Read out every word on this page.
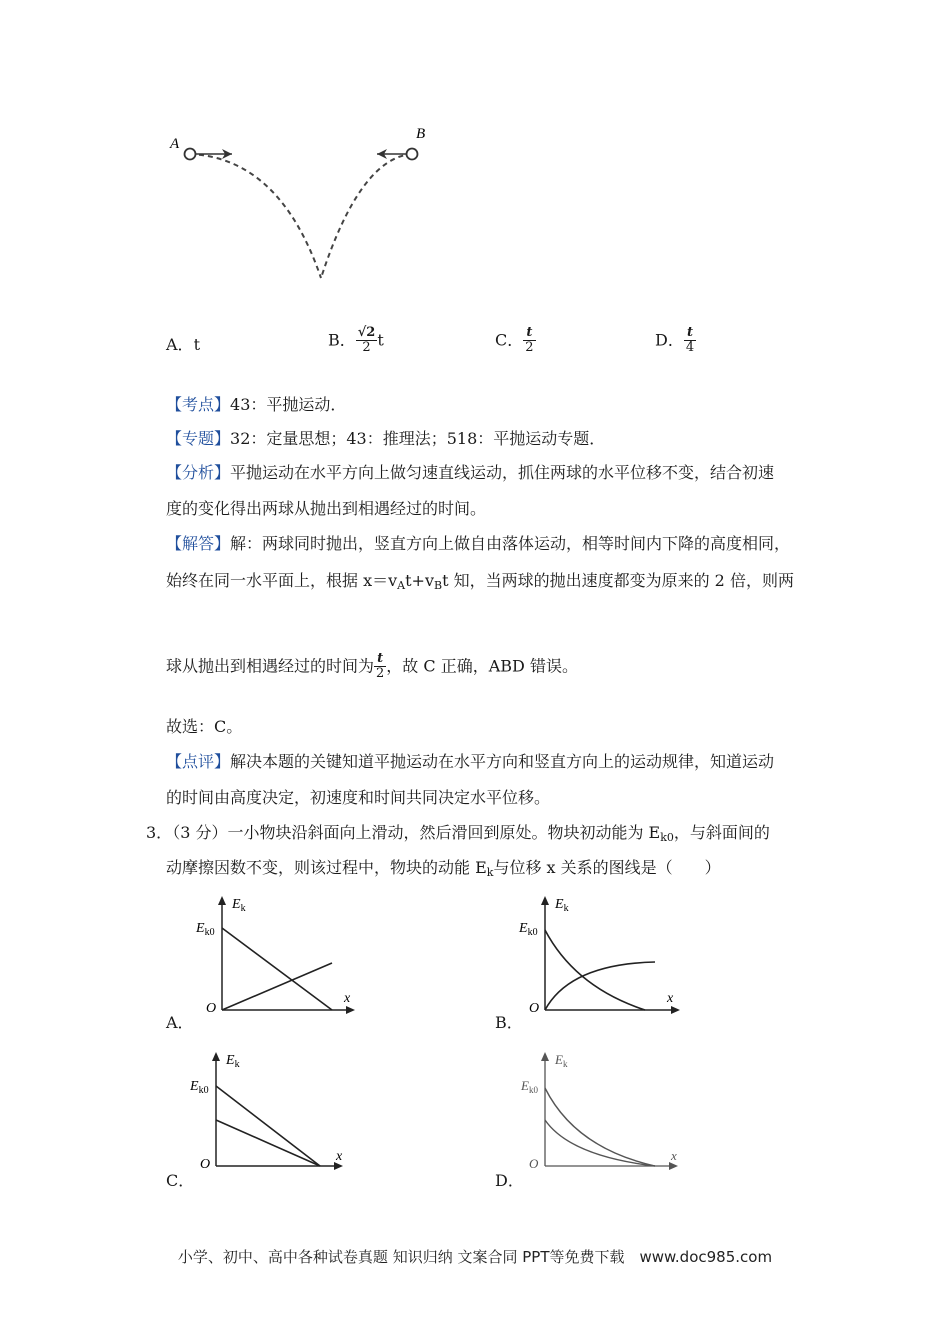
A
B
A．t	B． $\frac{√2}{2}$ t	C． $\frac{t}{2}$	D． $\frac{t}{4}$
【考点】43：平抛运动．
【专题】32：定量思想；43：推理法；518：平抛运动专题．
【分析】平抛运动在水平方向上做匀速直线运动，抓住两球的水平位移不变，结合初速
度的变化得出两球从抛出到相遇经过的时间。
【解答】解：两球同时抛出，竖直方向上做自由落体运动，相等时间内下降的高度相同，
始终在同一水平面上，根据 $x=v_At+v_Bt$ 知，当两球的抛出速度都变为原来的 2 倍，则两
球从抛出到相遇经过的时间为 $\frac{t}{2}$ ，故 C 正确，ABD 错误。
故选：C。
【点评】解决本题的关键知道平抛运动在水平方向和竖直方向上的运动规律，知道运动
的时间由高度决定，初速度和时间共同决定水平位移。
3．（3 分）一小物块沿斜面向上滑动，然后滑回到原处。物块初动能为 $E_{k0}$，与斜面间的
动摩擦因数不变，则该过程中，物块的动能 $E_k$与位移 x 关系的图线是（　　）
$E_k$
$E_{k0}$
O
x
A．
$E_k$
$E_{k0}$
O
x
B．
$E_k$
$E_{k0}$
O
x
C．
$E_k$
$E_{k0}$
O
x
D．
小学、初中、高中各种试卷真题 知识归纳 文案合同 PPT等免费下载　www.doc985.com
